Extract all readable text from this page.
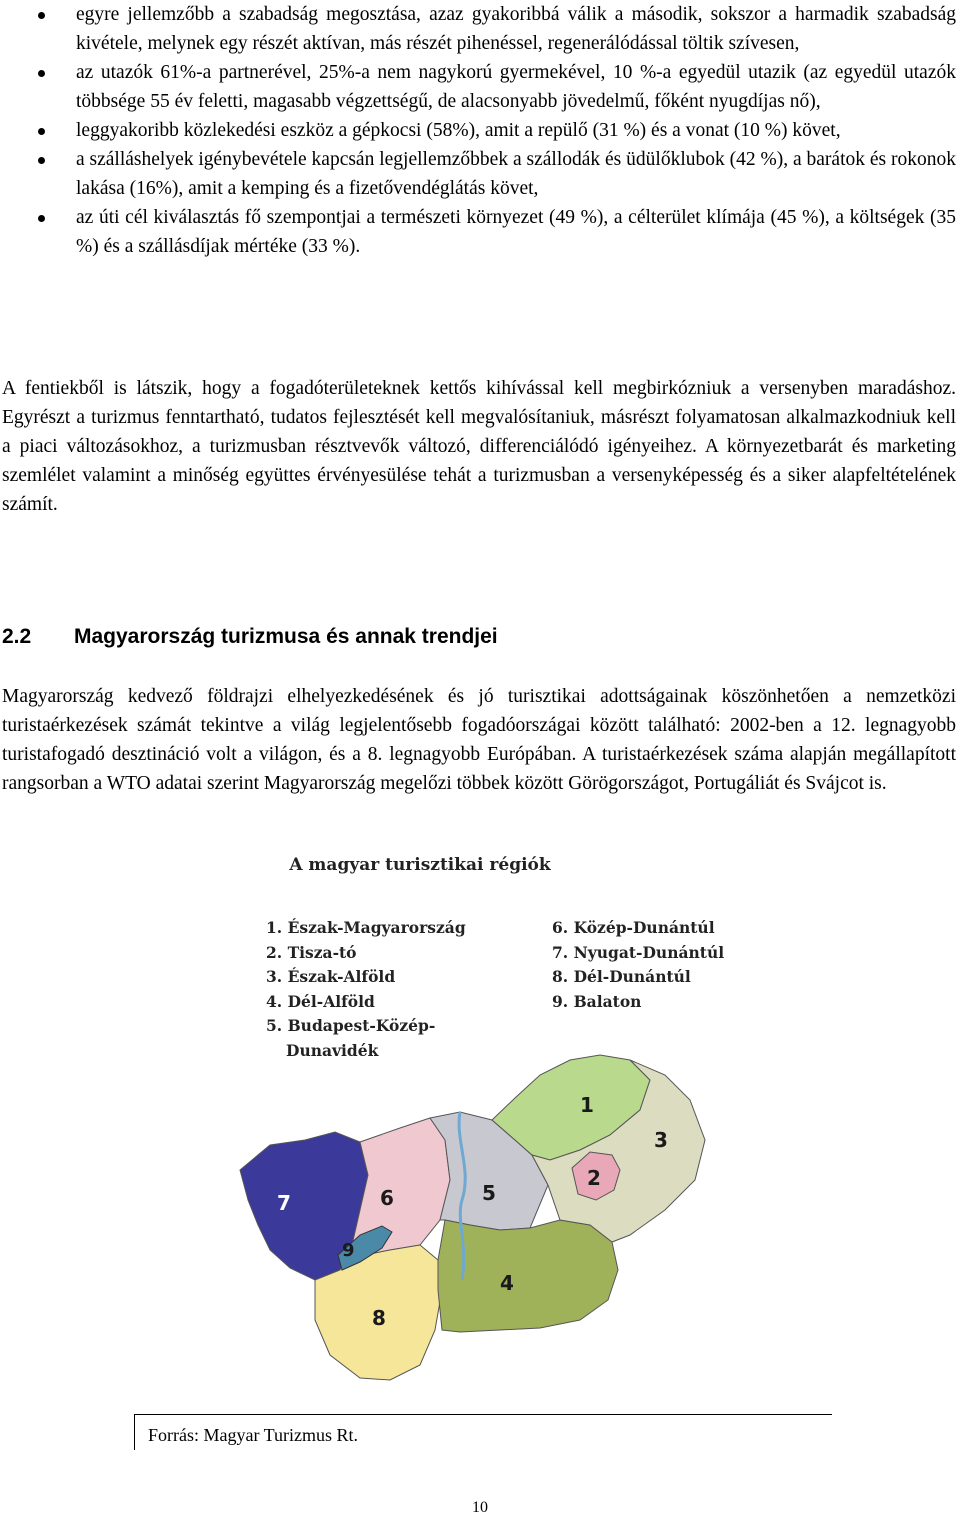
egyre jellemzőbb a szabadság megosztása, azaz gyakoribbá válik a második, sokszor a harmadik szabadság kivétele, melynek egy részét aktívan, más részét pihenéssel, regenerálódással töltik szívesen,
az utazók 61%-a partnerével, 25%-a nem nagykorú gyermekével, 10 %-a egyedül utazik (az egyedül utazók többsége 55 év feletti, magasabb végzettségű, de alacsonyabb jövedelmű, főként nyugdíjas nő),
leggyakoribb közlekedési eszköz a gépkocsi (58%), amit a repülő (31 %) és a vonat (10 %) követ,
a szálláshelyek igénybevétele kapcsán legjellemzőbbek a szállodák és üdülőklubok (42 %), a barátok és rokonok lakása (16%), amit a kemping és a fizetővendéglátás követ,
az úti cél kiválasztás fő szempontjai a természeti környezet (49 %), a célterület klímája (45 %), a költségek (35 %) és a szállásdíjak mértéke (33 %).

A fentiekből is látszik, hogy a fogadóterületeknek kettős kihívással kell megbirkózniuk a versenyben maradáshoz. Egyrészt a turizmus fenntartható, tudatos fejlesztését kell megvalósítaniuk, másrészt folyamatosan alkalmazkodniuk kell a piaci változásokhoz, a turizmusban résztvevők változó, differenciálódó igényeihez. A környezetbarát és marketing szemlélet valamint a minőség együttes érvényesülése tehát a turizmusban a versenyképesség és a siker alapfeltételének számít.

2.2 Magyarország turizmusa és annak trendjei

Magyarország kedvező földrajzi elhelyezkedésének és jó turisztikai adottságainak köszönhetően a nemzetközi turistaérkezések számát tekintve a világ legjelentősebb fogadóországai között található: 2002-ben a 12. legnagyobb turistafogadó desztináció volt a világon, és a 8. legnagyobb Európában. A turistaérkezések száma alapján megállapított rangsorban a WTO adatai szerint Magyarország megelőzi többek között Görögországot, Portugáliát és Svájcot is.

A magyar turisztikai régiók
1. Észak-Magyarország
2. Tisza-tó
3. Észak-Alföld
4. Dél-Alföld
5. Budapest-Közép-
Dunavidék
6. Közép-Dunántúl
7. Nyugat-Dunántúl
8. Dél-Dunántúl
9. Balaton
1
2
3
4
5
6
7
8
9
Forrás: Magyar Turizmus Rt.
10
